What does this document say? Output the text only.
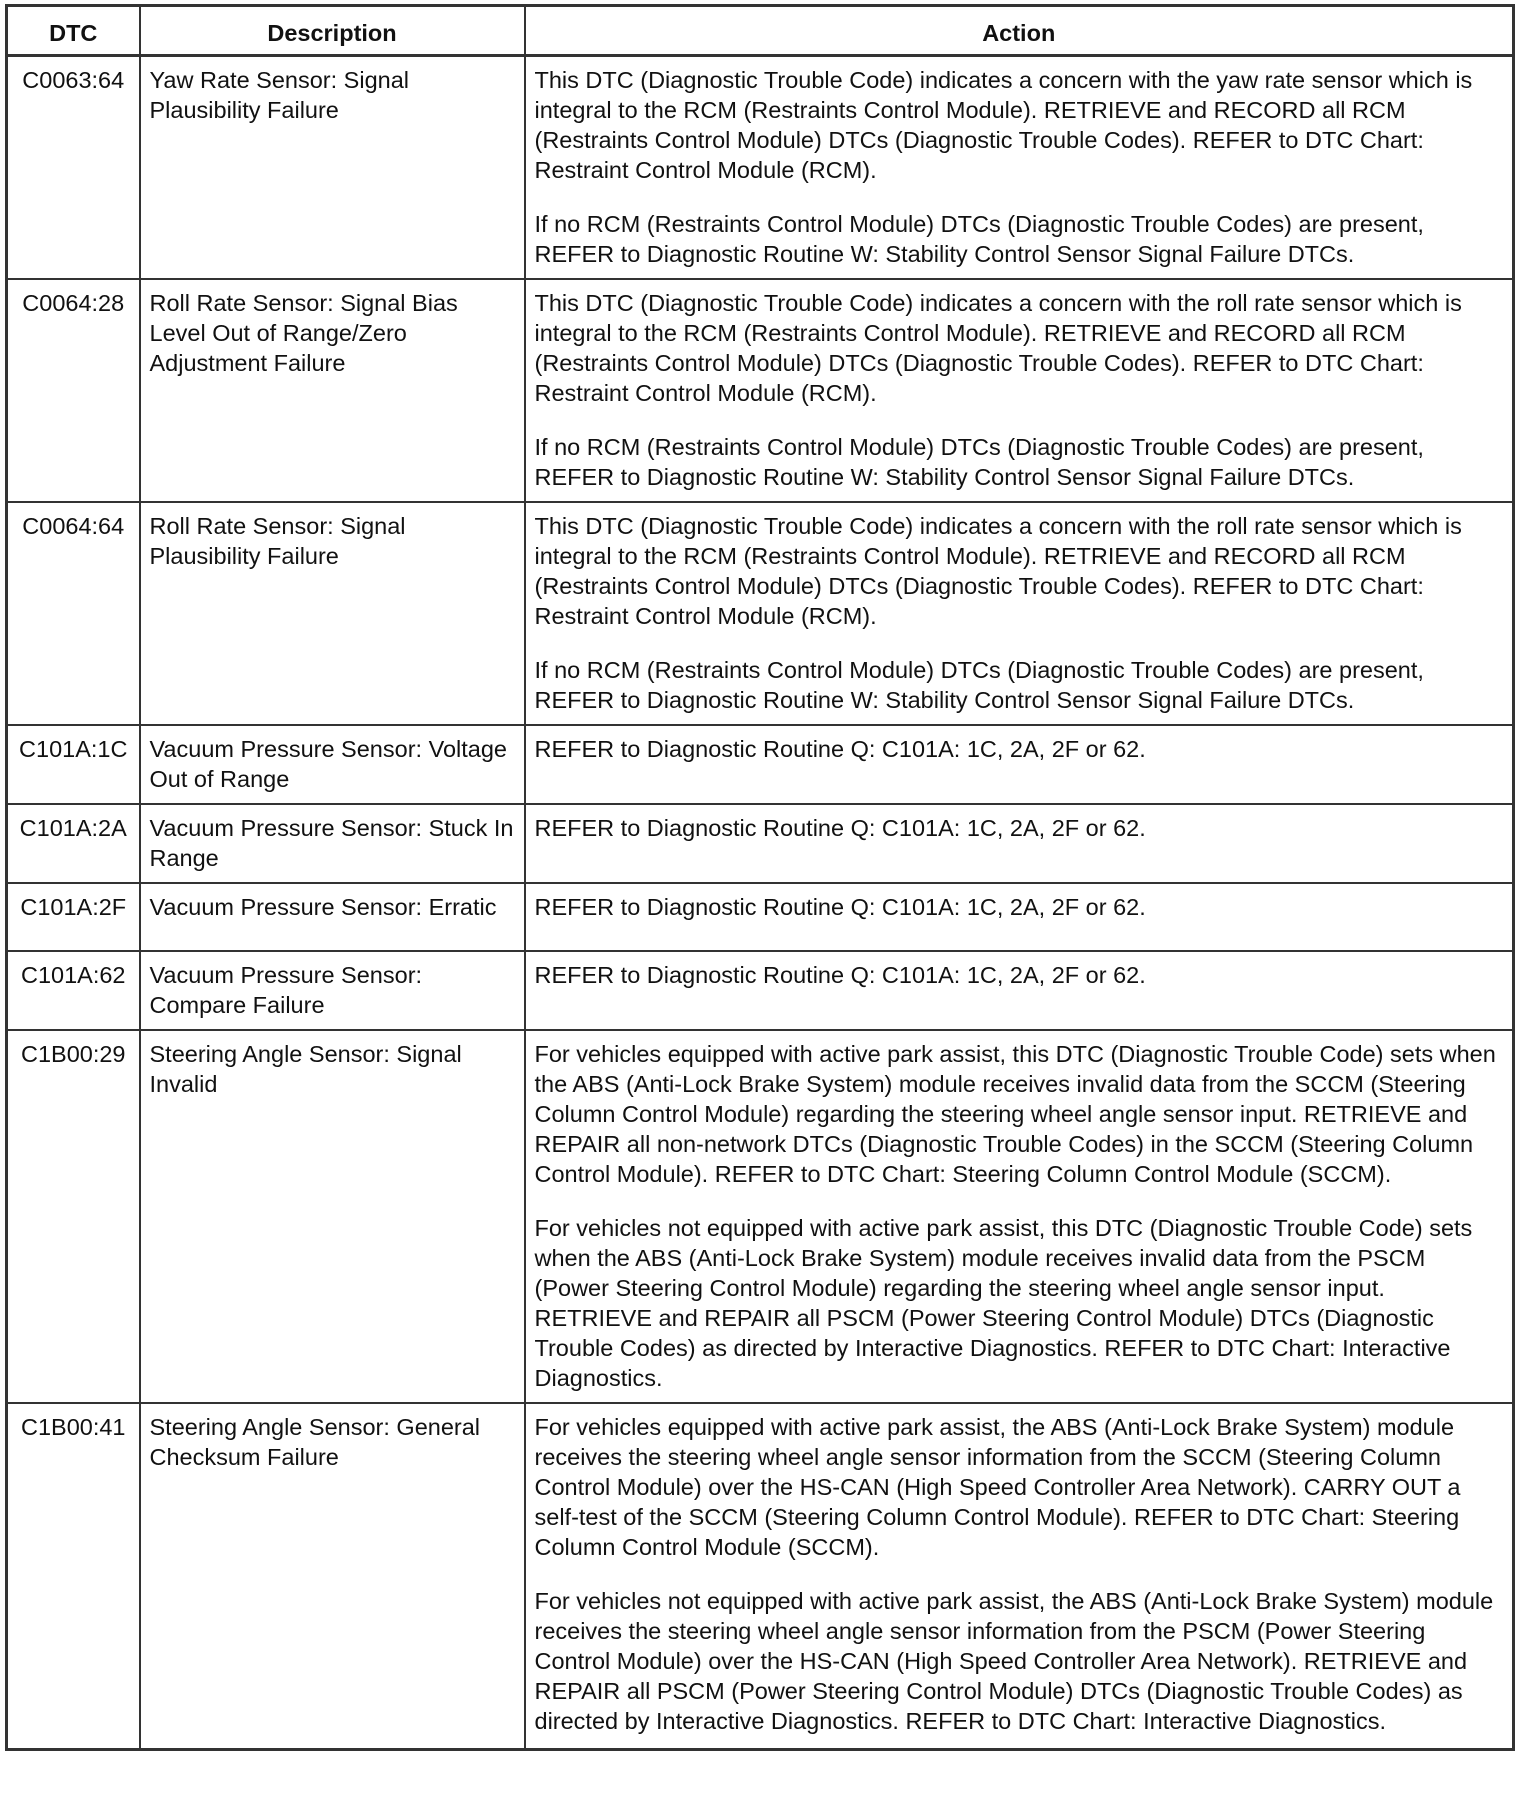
DTC	Description	Action
C0063:64	Yaw Rate Sensor: Signal Plausibility Failure	This DTC (Diagnostic Trouble Code) indicates a concern with the yaw rate sensor which is integral to the RCM (Restraints Control Module). RETRIEVE and RECORD all RCM (Restraints Control Module) DTCs (Diagnostic Trouble Codes). REFER to DTC Chart: Restraint Control Module (RCM).

If no RCM (Restraints Control Module) DTCs (Diagnostic Trouble Codes) are present, REFER to Diagnostic Routine W: Stability Control Sensor Signal Failure DTCs.

C0064:28	Roll Rate Sensor: Signal Bias Level Out of Range/Zero Adjustment Failure	This DTC (Diagnostic Trouble Code) indicates a concern with the roll rate sensor which is integral to the RCM (Restraints Control Module). RETRIEVE and RECORD all RCM (Restraints Control Module) DTCs (Diagnostic Trouble Codes). REFER to DTC Chart: Restraint Control Module (RCM).

If no RCM (Restraints Control Module) DTCs (Diagnostic Trouble Codes) are present, REFER to Diagnostic Routine W: Stability Control Sensor Signal Failure DTCs.

C0064:64	Roll Rate Sensor: Signal Plausibility Failure	This DTC (Diagnostic Trouble Code) indicates a concern with the roll rate sensor which is integral to the RCM (Restraints Control Module). RETRIEVE and RECORD all RCM (Restraints Control Module) DTCs (Diagnostic Trouble Codes). REFER to DTC Chart: Restraint Control Module (RCM).

If no RCM (Restraints Control Module) DTCs (Diagnostic Trouble Codes) are present, REFER to Diagnostic Routine W: Stability Control Sensor Signal Failure DTCs.

C101A:1C	Vacuum Pressure Sensor: Voltage Out of Range	REFER to Diagnostic Routine Q: C101A: 1C, 2A, 2F or 62.

C101A:2A	Vacuum Pressure Sensor: Stuck In Range	REFER to Diagnostic Routine Q: C101A: 1C, 2A, 2F or 62.

C101A:2F	Vacuum Pressure Sensor: Erratic	REFER to Diagnostic Routine Q: C101A: 1C, 2A, 2F or 62.

C101A:62	Vacuum Pressure Sensor: Compare Failure	REFER to Diagnostic Routine Q: C101A: 1C, 2A, 2F or 62.

C1B00:29	Steering Angle Sensor: Signal Invalid	For vehicles equipped with active park assist, this DTC (Diagnostic Trouble Code) sets when the ABS (Anti-Lock Brake System) module receives invalid data from the SCCM (Steering Column Control Module) regarding the steering wheel angle sensor input. RETRIEVE and REPAIR all non-network DTCs (Diagnostic Trouble Codes) in the SCCM (Steering Column Control Module). REFER to DTC Chart: Steering Column Control Module (SCCM).

For vehicles not equipped with active park assist, this DTC (Diagnostic Trouble Code) sets when the ABS (Anti-Lock Brake System) module receives invalid data from the PSCM (Power Steering Control Module) regarding the steering wheel angle sensor input. RETRIEVE and REPAIR all PSCM (Power Steering Control Module) DTCs (Diagnostic Trouble Codes) as directed by Interactive Diagnostics. REFER to DTC Chart: Interactive Diagnostics.

C1B00:41	Steering Angle Sensor: General Checksum Failure	For vehicles equipped with active park assist, the ABS (Anti-Lock Brake System) module receives the steering wheel angle sensor information from the SCCM (Steering Column Control Module) over the HS-CAN (High Speed Controller Area Network). CARRY OUT a self-test of the SCCM (Steering Column Control Module). REFER to DTC Chart: Steering Column Control Module (SCCM).

For vehicles not equipped with active park assist, the ABS (Anti-Lock Brake System) module receives the steering wheel angle sensor information from the PSCM (Power Steering Control Module) over the HS-CAN (High Speed Controller Area Network). RETRIEVE and REPAIR all PSCM (Power Steering Control Module) DTCs (Diagnostic Trouble Codes) as directed by Interactive Diagnostics. REFER to DTC Chart: Interactive Diagnostics.
